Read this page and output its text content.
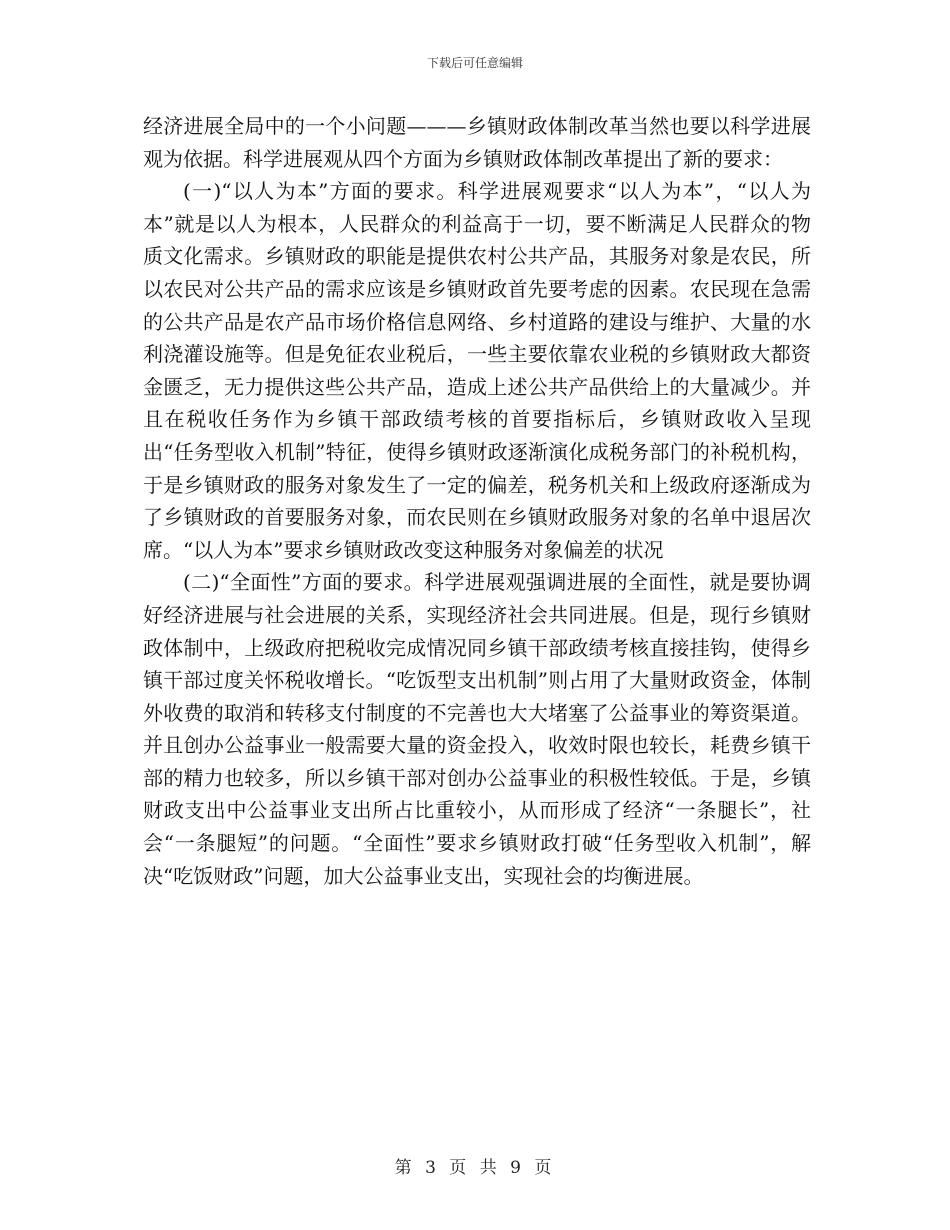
下载后可任意编辑

经济进展全局中的一个小问题———乡镇财政体制改革当然也要以科学进展观为依据。科学进展观从四个方面为乡镇财政体制改革提出了新的要求：

(一)“以人为本”方面的要求。科学进展观要求“以人为本”，“以人为本”就是以人为根本，人民群众的利益高于一切，要不断满足人民群众的物质文化需求。乡镇财政的职能是提供农村公共产品，其服务对象是农民，所以农民对公共产品的需求应该是乡镇财政首先要考虑的因素。农民现在急需的公共产品是农产品市场价格信息网络、乡村道路的建设与维护、大量的水利浇灌设施等。但是免征农业税后，一些主要依靠农业税的乡镇财政大都资金匮乏，无力提供这些公共产品，造成上述公共产品供给上的大量减少。并且在税收任务作为乡镇干部政绩考核的首要指标后，乡镇财政收入呈现出“任务型收入机制”特征，使得乡镇财政逐渐演化成税务部门的补税机构，于是乡镇财政的服务对象发生了一定的偏差，税务机关和上级政府逐渐成为了乡镇财政的首要服务对象，而农民则在乡镇财政服务对象的名单中退居次席。“以人为本”要求乡镇财政改变这种服务对象偏差的状况

(二)“全面性”方面的要求。科学进展观强调进展的全面性，就是要协调好经济进展与社会进展的关系，实现经济社会共同进展。但是，现行乡镇财政体制中，上级政府把税收完成情况同乡镇干部政绩考核直接挂钩，使得乡镇干部过度关怀税收增长。“吃饭型支出机制”则占用了大量财政资金，体制外收费的取消和转移支付制度的不完善也大大堵塞了公益事业的筹资渠道。并且创办公益事业一般需要大量的资金投入，收效时限也较长，耗费乡镇干部的精力也较多，所以乡镇干部对创办公益事业的积极性较低。于是，乡镇财政支出中公益事业支出所占比重较小，从而形成了经济“一条腿长”，社会“一条腿短”的问题。“全面性”要求乡镇财政打破“任务型收入机制”，解决“吃饭财政”问题，加大公益事业支出，实现社会的均衡进展。

第 3 页 共 9 页
